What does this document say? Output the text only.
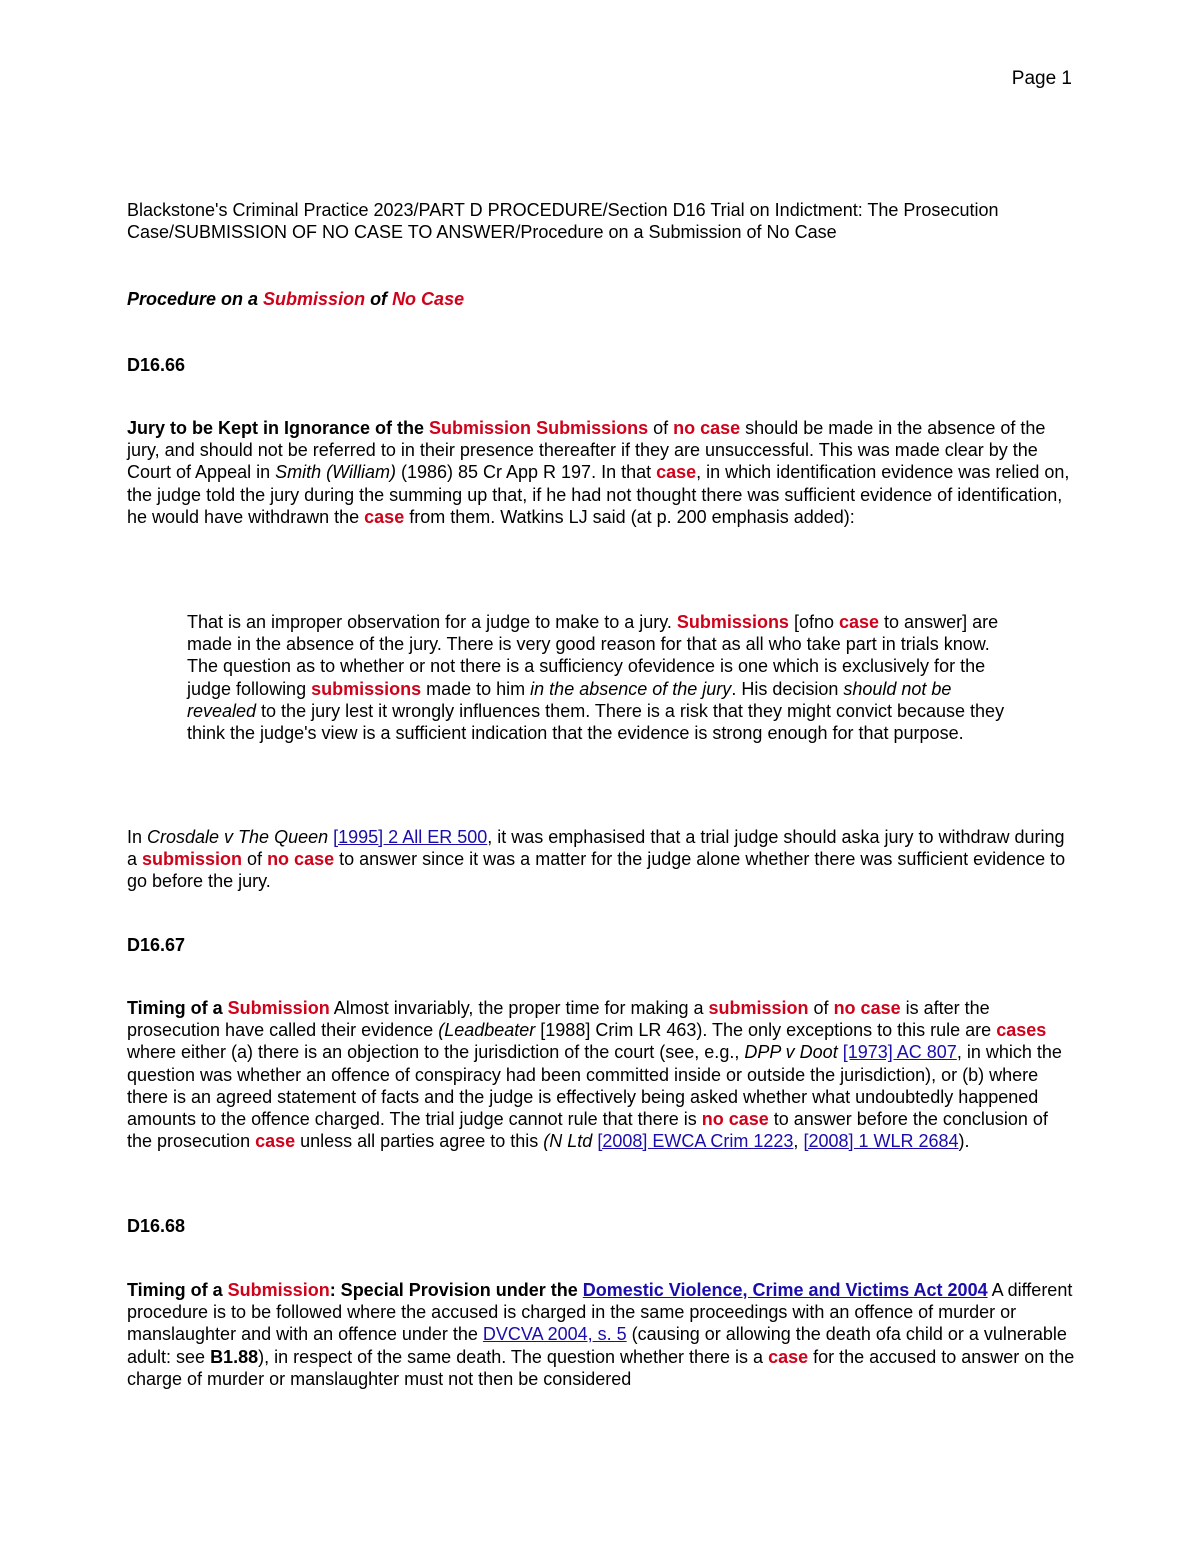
Page 1
Blackstone's Criminal Practice 2023/PART D PROCEDURE/Section D16 Trial on Indictment: The Prosecution Case/SUBMISSION OF NO CASE TO ANSWER/Procedure on a Submission of No Case
Procedure on a Submission of No Case
D16.66

Jury to be Kept in Ignorance of the Submission Submissions of no case should be made in the absence of the jury, and should not be referred to in their presence thereafter if they are unsuccessful. This was made clear by the Court of Appeal in Smith (William) (1986) 85 Cr App R 197. In that case, in which identification evidence was relied on, the judge told the jury during the summing up that, if he had not thought there was sufficient evidence of identification, he would have withdrawn the case from them. Watkins LJ said (at p. 200 emphasis added):

That is an improper observation for a judge to make to a jury. Submissions [ofno case to answer] are made in the absence of the jury. There is very good reason for that as all who take part in trials know. The question as to whether or not there is a sufficiency ofevidence is one which is exclusively for the judge following submissions made to him in the absence of the jury. His decision should not be revealed to the jury lest it wrongly influences them. There is a risk that they might convict because they think the judge's view is a sufficient indication that the evidence is strong enough for that purpose.

In Crosdale v The Queen [1995] 2 All ER 500, it was emphasised that a trial judge should aska jury to withdraw during a submission of no case to answer since it was a matter for the judge alone whether there was sufficient evidence to go before the jury.

D16.67

Timing of a Submission Almost invariably, the proper time for making a submission of no case is after the prosecution have called their evidence (Leadbeater [1988] Crim LR 463). The only exceptions to this rule are cases where either (a) there is an objection to the jurisdiction of the court (see, e.g., DPP v Doot [1973] AC 807, in which the question was whether an offence of conspiracy had been committed inside or outside the jurisdiction), or (b) where there is an agreed statement of facts and the judge is effectively being asked whether what undoubtedly happened amounts to the offence charged. The trial judge cannot rule that there is no case to answer before the conclusion of the prosecution case unless all parties agree to this (N Ltd [2008] EWCA Crim 1223, [2008] 1 WLR 2684).

D16.68

Timing of a Submission: Special Provision under the Domestic Violence, Crime and Victims Act 2004 A different procedure is to be followed where the accused is charged in the same proceedings with an offence of murder or manslaughter and with an offence under the DVCVA 2004, s. 5 (causing or allowing the death ofa child or a vulnerable adult: see B1.88), in respect of the same death. The question whether there is a case for the accused to answer on the charge of murder or manslaughter must not then be considered
